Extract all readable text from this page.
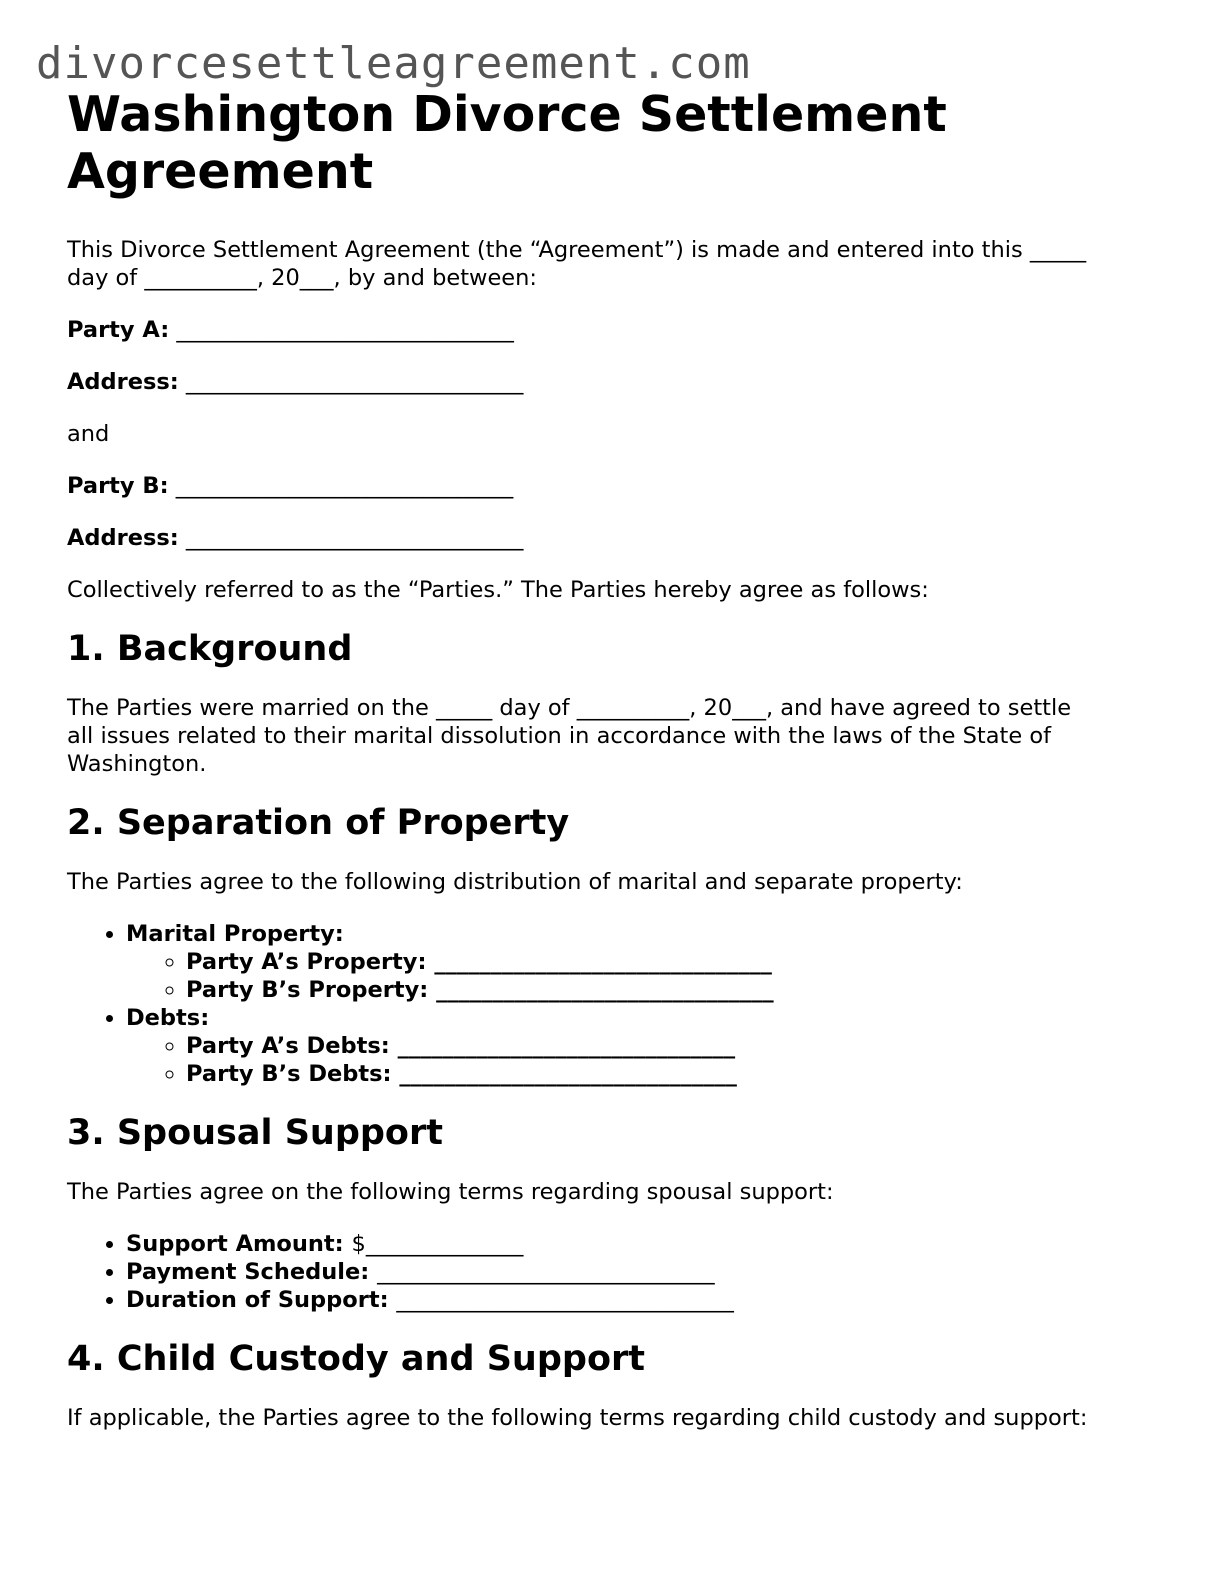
divorcesettleagreement.com
Washington Divorce Settlement Agreement

This Divorce Settlement Agreement (the “Agreement”) is made and entered into this _____
day of __________, 20___, by and between:

Party A: ______________________________

Address: ______________________________

and

Party B: ______________________________

Address: ______________________________

Collectively referred to as the “Parties.” The Parties hereby agree as follows:

1. Background

The Parties were married on the _____ day of __________, 20___, and have agreed to settle
all issues related to their marital dissolution in accordance with the laws of the State of
Washington.

2. Separation of Property

The Parties agree to the following distribution of marital and separate property:

• Marital Property:
◦ Party A’s Property: ______________________________
◦ Party B’s Property: ______________________________
• Debts:
◦ Party A’s Debts: ______________________________
◦ Party B’s Debts: ______________________________
3. Spousal Support

The Parties agree on the following terms regarding spousal support:

• Support Amount: $______________
• Payment Schedule: ______________________________
• Duration of Support: ______________________________
4. Child Custody and Support

If applicable, the Parties agree to the following terms regarding child custody and support:
